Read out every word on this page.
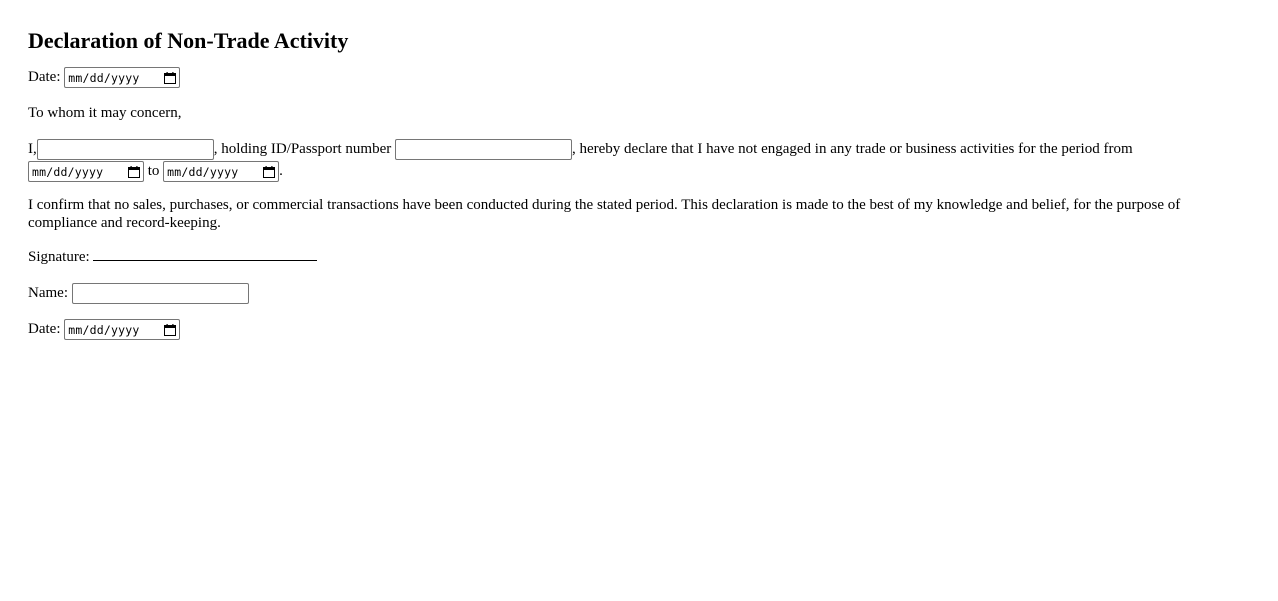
Declaration of Non-Trade Activity

Date: mm/dd/yyyy

To whom it may concern,

I,	, holding ID/Passport number	, hereby declare that I have not engaged in any trade or business activities for the period from
mm/dd/yyyy	to mm/dd/yyyy	.

I confirm that no sales, purchases, or commercial transactions have been conducted during the stated period. This declaration is made to the best of my knowledge and belief, for the purpose of compliance and record-keeping.

Signature:

Name:

Date: mm/dd/yyyy
